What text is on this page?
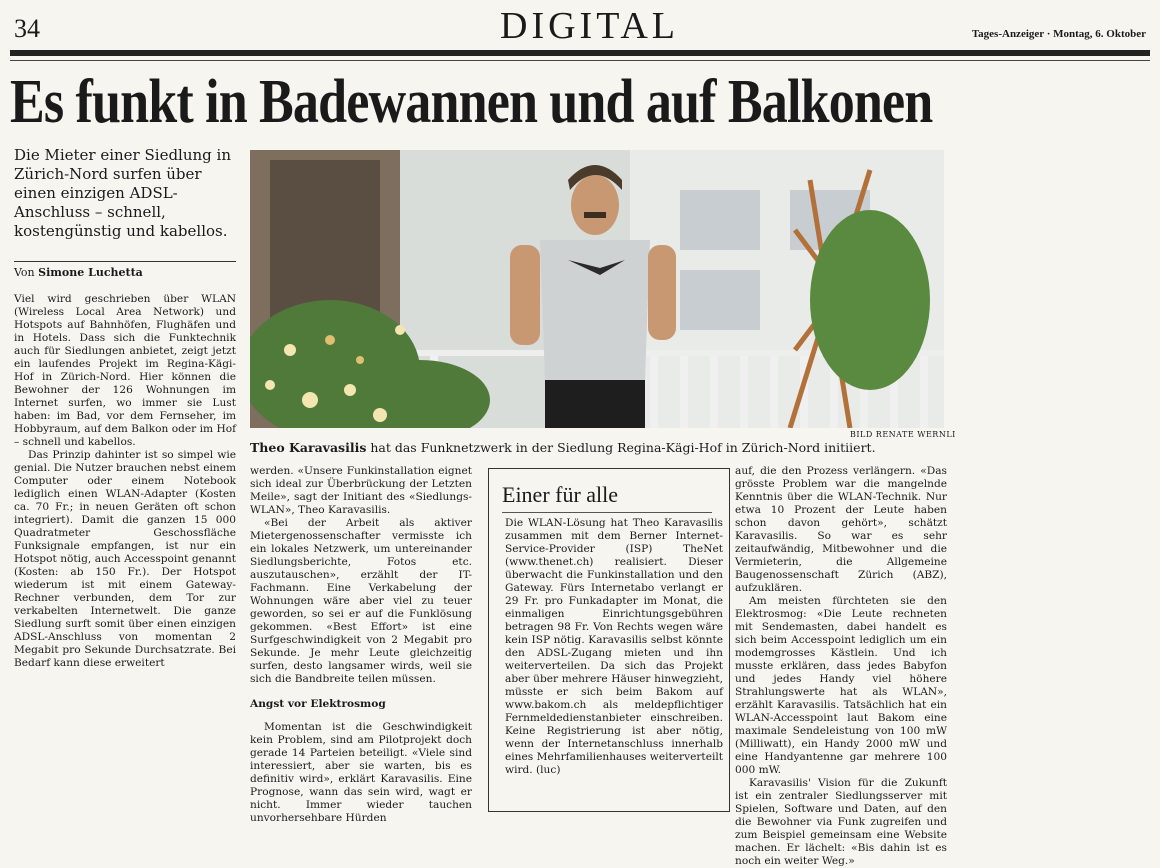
34	DIGITAL	Tages-Anzeiger · Montag, 6. Oktober
Es funkt in Badewannen und auf Balkonen
Die Mieter einer Siedlung in Zürich-Nord surfen über einen einzigen ADSL-Anschluss – schnell, kostengünstig und kabellos.
Von Simone Luchetta

Viel wird geschrieben über WLAN (Wireless Local Area Network) und Hotspots auf Bahnhöfen, Flughäfen und in Hotels. Dass sich die Funktechnik auch für Siedlungen anbietet, zeigt jetzt ein laufendes Projekt im Regina-Kägi-Hof in Zürich-Nord. Hier können die Bewohner der 126 Wohnungen im Internet surfen, wo immer sie Lust haben: im Bad, vor dem Fernseher, im Hobbyraum, auf dem Balkon oder im Hof – schnell und kabellos.

Das Prinzip dahinter ist so simpel wie genial. Die Nutzer brauchen nebst einem Computer oder einem Notebook lediglich einen WLAN-Adapter (Kosten ca. 70 Fr.; in neuen Geräten oft schon integriert). Damit die ganzen 15 000 Quadratmeter Geschossfläche Funksignale empfangen, ist nur ein Hotspot nötig, auch Accesspoint genannt (Kosten: ab 150 Fr.). Der Hotspot wiederum ist mit einem Gateway-Rechner verbunden, dem Tor zur verkabelten Internetwelt. Die ganze Siedlung surft somit über einen einzigen ADSL-Anschluss von momentan 2 Megabit pro Sekunde Durchsatzrate. Bei Bedarf kann diese erweitert

BILD RENATE WERNLI
Theo Karavasilis hat das Funknetzwerk in der Siedlung Regina-Kägi-Hof in Zürich-Nord initiiert.

werden. «Unsere Funkinstallation eignet sich ideal zur Überbrückung der Letzten Meile», sagt der Initiant des «Siedlungs-WLAN», Theo Karavasilis.

«Bei der Arbeit als aktiver Mietergenossenschafter vermisste ich ein lokales Netzwerk, um untereinander Siedlungsberichte, Fotos etc. auszutauschen», erzählt der IT-Fachmann. Eine Verkabelung der Wohnungen wäre aber viel zu teuer geworden, so sei er auf die Funklösung gekommen. «Best Effort» ist eine Surfgeschwindigkeit von 2 Megabit pro Sekunde. Je mehr Leute gleichzeitig surfen, desto langsamer wirds, weil sie sich die Bandbreite teilen müssen.

Angst vor Elektrosmog

Momentan ist die Geschwindigkeit kein Problem, sind am Pilotprojekt doch gerade 14 Parteien beteiligt. «Viele sind interessiert, aber sie warten, bis es definitiv wird», erklärt Karavasilis. Eine Prognose, wann das sein wird, wagt er nicht. Immer wieder tauchen unvorhersehbare Hürden

Einer für alle

Die WLAN-Lösung hat Theo Karavasilis zusammen mit dem Berner Internet-Service-Provider (ISP) TheNet (www.thenet.ch) realisiert. Dieser überwacht die Funkinstallation und den Gateway. Fürs Internetabo verlangt er 29 Fr. pro Funkadapter im Monat, die einmaligen Einrichtungsgebühren betragen 98 Fr. Von Rechts wegen wäre kein ISP nötig. Karavasilis selbst könnte den ADSL-Zugang mieten und ihn weiterverteilen. Da sich das Projekt aber über mehrere Häuser hinwegzieht, müsste er sich beim Bakom auf www.bakom.ch als meldepflichtiger Fernmeldedienstanbieter einschreiben. Keine Registrierung ist aber nötig, wenn der Internetanschluss innerhalb eines Mehrfamilienhauses weiterverteilt wird. (luc)

auf, die den Prozess verlängern. «Das grösste Problem war die mangelnde Kenntnis über die WLAN-Technik. Nur etwa 10 Prozent der Leute haben schon davon gehört», schätzt Karavasilis. So war es sehr zeitaufwändig, Mitbewohner und die Vermieterin, die Allgemeine Baugenossenschaft Zürich (ABZ), aufzuklären.

Am meisten fürchteten sie den Elektrosmog: «Die Leute rechneten mit Sendemasten, dabei handelt es sich beim Accesspoint lediglich um ein modemgrosses Kästlein. Und ich musste erklären, dass jedes Babyfon und jedes Handy viel höhere Strahlungswerte hat als WLAN», erzählt Karavasilis. Tatsächlich hat ein WLAN-Accesspoint laut Bakom eine maximale Sendeleistung von 100 mW (Milliwatt), ein Handy 2000 mW und eine Handyantenne gar mehrere 100 000 mW.

Karavasilis' Vision für die Zukunft ist ein zentraler Siedlungsserver mit Spielen, Software und Daten, auf den die Bewohner via Funk zugreifen und zum Beispiel gemeinsam eine Website machen. Er lächelt: «Bis dahin ist es noch ein weiter Weg.»
